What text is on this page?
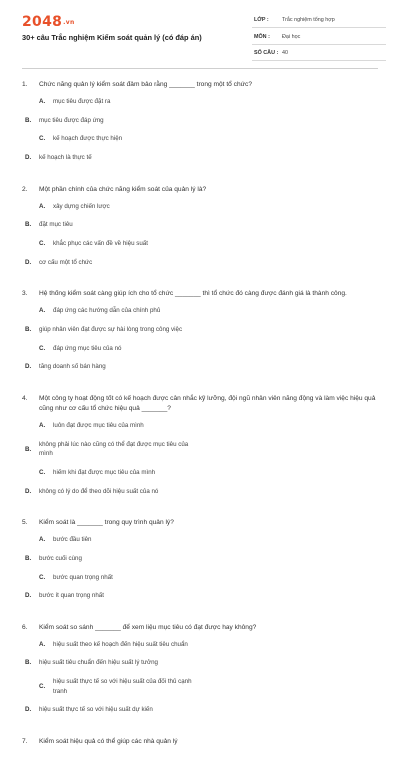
2048.vn
30+ câu Trắc nghiệm Kiểm soát quản lý (có đáp án)
LỚP : Trắc nghiệm tổng hợp
MÔN : Đại học
SỐ CÂU : 40
1.	Chức năng quản lý kiểm soát đảm bảo rằng _______ trong một tổ chức?
A.	mục tiêu được đặt ra
B.	mục tiêu được đáp ứng
C.	kế hoạch được thực hiện
D.	kế hoạch là thực tế
2.	Một phần chính của chức năng kiểm soát của quản lý là?
A.	xây dựng chiến lược
B.	đặt mục tiêu
C.	khắc phục các vấn đề về hiệu suất
D.	cơ cấu một tổ chức
3.	Hệ thống kiểm soát càng giúp ích cho tổ chức _______ thì tổ chức đó càng được đánh giá là thành công.
A.	đáp ứng các hướng dẫn của chính phủ
B.	giúp nhân viên đạt được sự hài lòng trong công việc
C.	đáp ứng mục tiêu của nó
D.	tăng doanh số bán hàng
4.	Một công ty hoạt động tốt có kế hoạch được cân nhắc kỹ lưỡng, đội ngũ nhân viên năng động và làm việc hiệu quả cũng như cơ cấu tổ chức hiệu quả _______?
A.	luôn đạt được mục tiêu của mình
B.
không phải lúc nào cũng có thể đạt được mục tiêu của mình
C.	hiếm khi đạt được mục tiêu của mình
D.	không có lý do để theo dõi hiệu suất của nó
5.	Kiểm soát là _______ trong quy trình quản lý?
A.	bước đầu tiên
B.	bước cuối cùng
C.	bước quan trọng nhất
D.	bước ít quan trọng nhất
6.	Kiểm soát so sánh _______ để xem liệu mục tiêu có đạt được hay không?
A.	hiệu suất theo kế hoạch đến hiệu suất tiêu chuẩn
B.	hiệu suất tiêu chuẩn đến hiệu suất lý tưởng
C.
hiệu suất thực tế so với hiệu suất của đối thủ cạnh tranh
D.	hiệu suất thực tế so với hiệu suất dự kiến
7.	Kiểm soát hiệu quả có thể giúp các nhà quản lý
